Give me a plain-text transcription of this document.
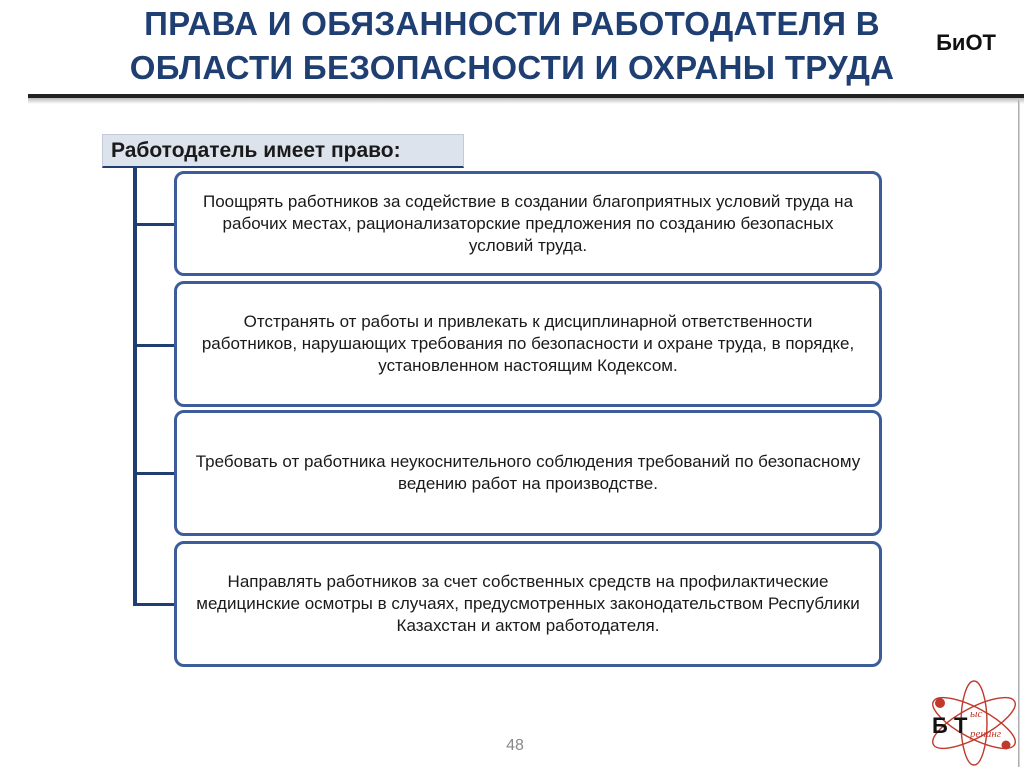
ПРАВА И ОБЯЗАННОСТИ РАБОТОДАТЕЛЯ В
ОБЛАСТИ БЕЗОПАСНОСТИ И ОХРАНЫ ТРУДА
БиОТ
Работодатель имеет право:
Поощрять работников за содействие в создании благоприятных условий труда на рабочих местах, рационализаторские предложения по созданию безопасных условий труда.
Отстранять от работы и привлекать к дисциплинарной ответственности работников, нарушающих требования по безопасности и охране труда, в порядке, установленном настоящим Кодексом.
Требовать от работника неукоснительного соблюдения требований по безопасному ведению работ на производстве.
Направлять работников за счет собственных средств на профилактические медицинские осмотры в случаях, предусмотренных законодательством Республики Казахстан и актом работодателя.
48
Б Т ыс
ренинг
